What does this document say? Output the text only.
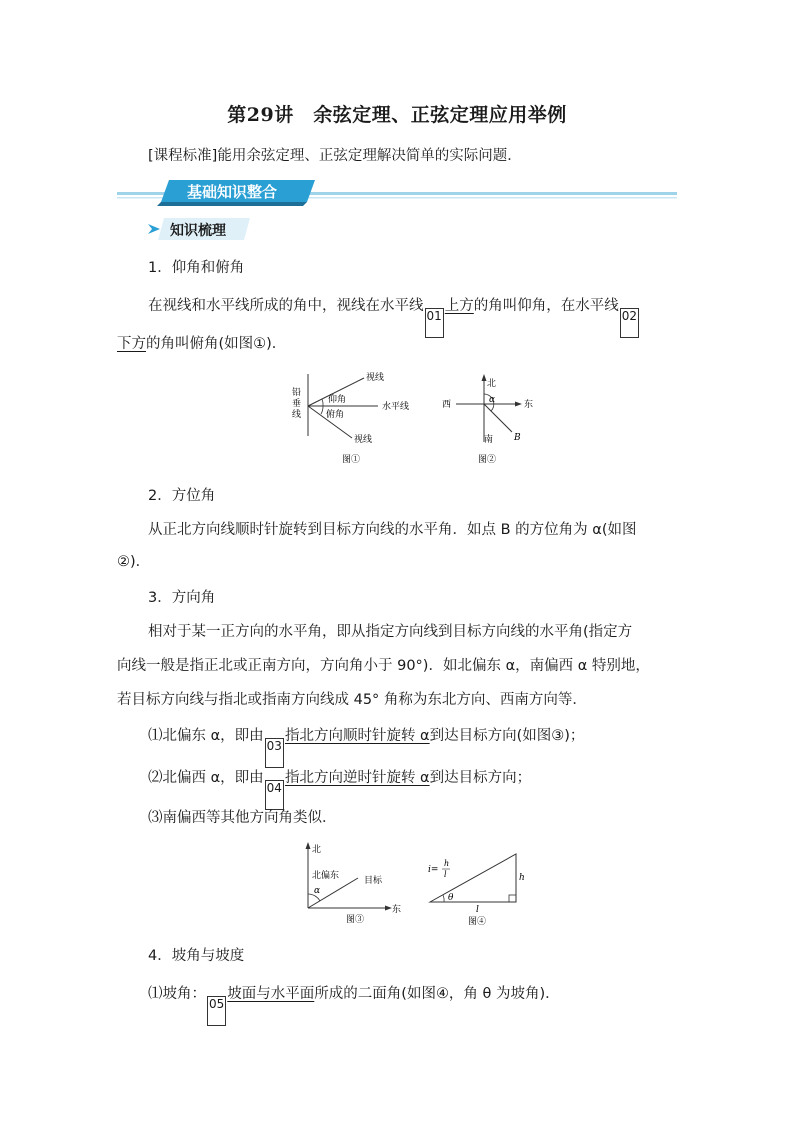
第29讲　余弦定理、正弦定理应用举例
[课程标准]能用余弦定理、正弦定理解决简单的实际问题．
基础知识整合
知识梳理
1．仰角和俯角
在视线和水平线所成的角中，视线在水平线01上方的角叫仰角，在水平线02
下方的角叫俯角(如图①)．
铅垂线
视线
仰角
水平线
俯角
视线
图①
北
西	东
南
α
B
图②
2．方位角
从正北方向线顺时针旋转到目标方向线的水平角．如点 B 的方位角为 α(如图
②)．
3．方向角
相对于某一正方向的水平角，即从指定方向线到目标方向线的水平角(指定方
向线一般是指正北或正南方向，方向角小于 90°)．如北偏东 α，南偏西 α 特别地，
若目标方向线与指北或指南方向线成 45° 角称为东北方向、西南方向等．
⑴北偏东 α，即由03指北方向顺时针旋转 α到达目标方向(如图③)；
⑵北偏西 α，即由04指北方向逆时针旋转 α到达目标方向；
⑶南偏西等其他方向角类似．
北
北偏东	目标
α
东
图③
i=
h
l	h
θ
l
图④
4．坡角与坡度
⑴坡角：05坡面与水平面所成的二面角(如图④，角 θ 为坡角)．
